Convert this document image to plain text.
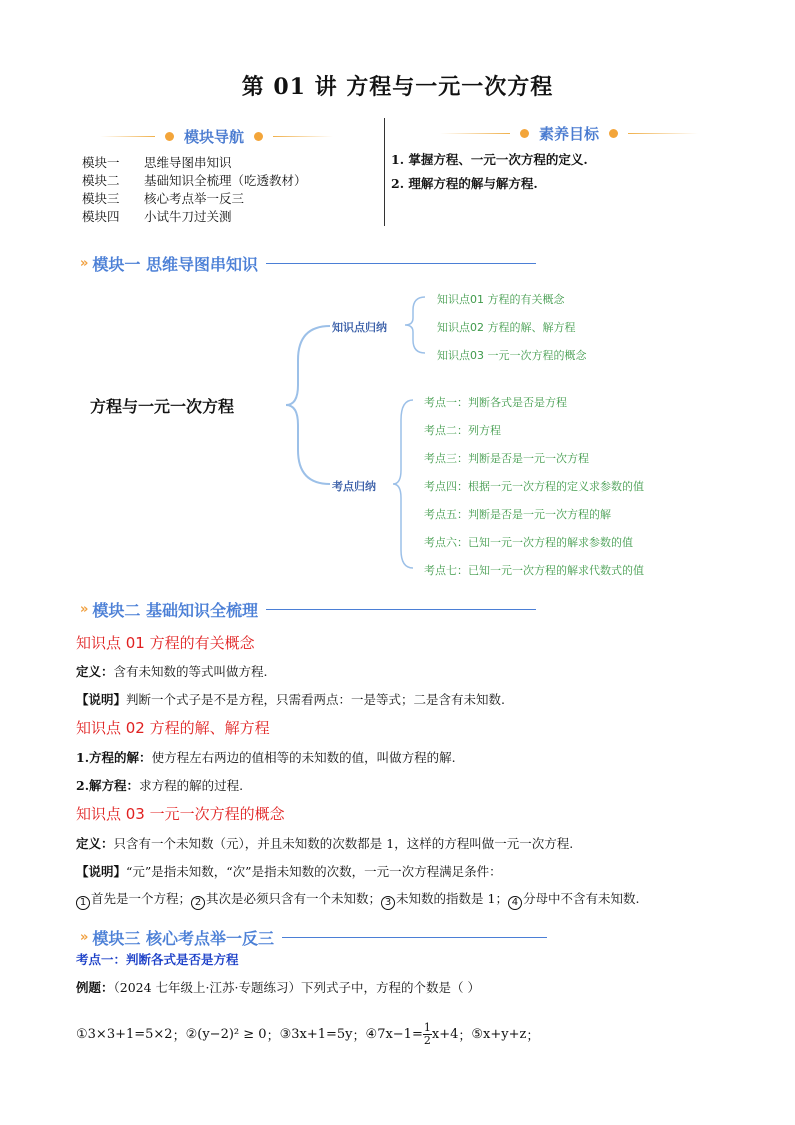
第 01 讲 方程与一元一次方程
模块导航
模块一	思维导图串知识
模块二	基础知识全梳理（吃透教材）
模块三	核心考点举一反三
模块四	小试牛刀过关测
素养目标
1. 掌握方程、一元一次方程的定义.
2. 理解方程的解与解方程.
» 模块一 思维导图串知识
方程与一元一次方程
知识点归纳
考点归纳
知识点01 方程的有关概念
知识点02 方程的解、解方程
知识点03 一元一次方程的概念
考点一：判断各式是否是方程
考点二：列方程
考点三：判断是否是一元一次方程
考点四：根据一元一次方程的定义求参数的值
考点五：判断是否是一元一次方程的解
考点六：已知一元一次方程的解求参数的值
考点七：已知一元一次方程的解求代数式的值
» 模块二 基础知识全梳理
知识点 01 方程的有关概念
定义：含有未知数的等式叫做方程.
【说明】判断一个式子是不是方程，只需看两点：一是等式；二是含有未知数.
知识点 02 方程的解、解方程
1.方程的解：使方程左右两边的值相等的未知数的值，叫做方程的解.
2.解方程：求方程的解的过程.
知识点 03 一元一次方程的概念
定义：只含有一个未知数（元），并且未知数的次数都是 1，这样的方程叫做一元一次方程.
【说明】“元”是指未知数，“次”是指未知数的次数，一元一次方程满足条件：
1 首先是一个方程； 2 其次是必须只含有一个未知数； 3 未知数的指数是 1； 4 分母中不含有未知数.
» 模块三 核心考点举一反三
考点一：判断各式是否是方程
例题：（2024 七年级上·江苏·专题练习）下列式子中，方程的个数是（ ）
① 3×3+1=5×2 ； ② (y−2)² ≥ 0 ； ③ 3x+1=5y ； ④ $7x-1= \frac{1}{2} x+4$ ； ⑤ x+y+z ；
